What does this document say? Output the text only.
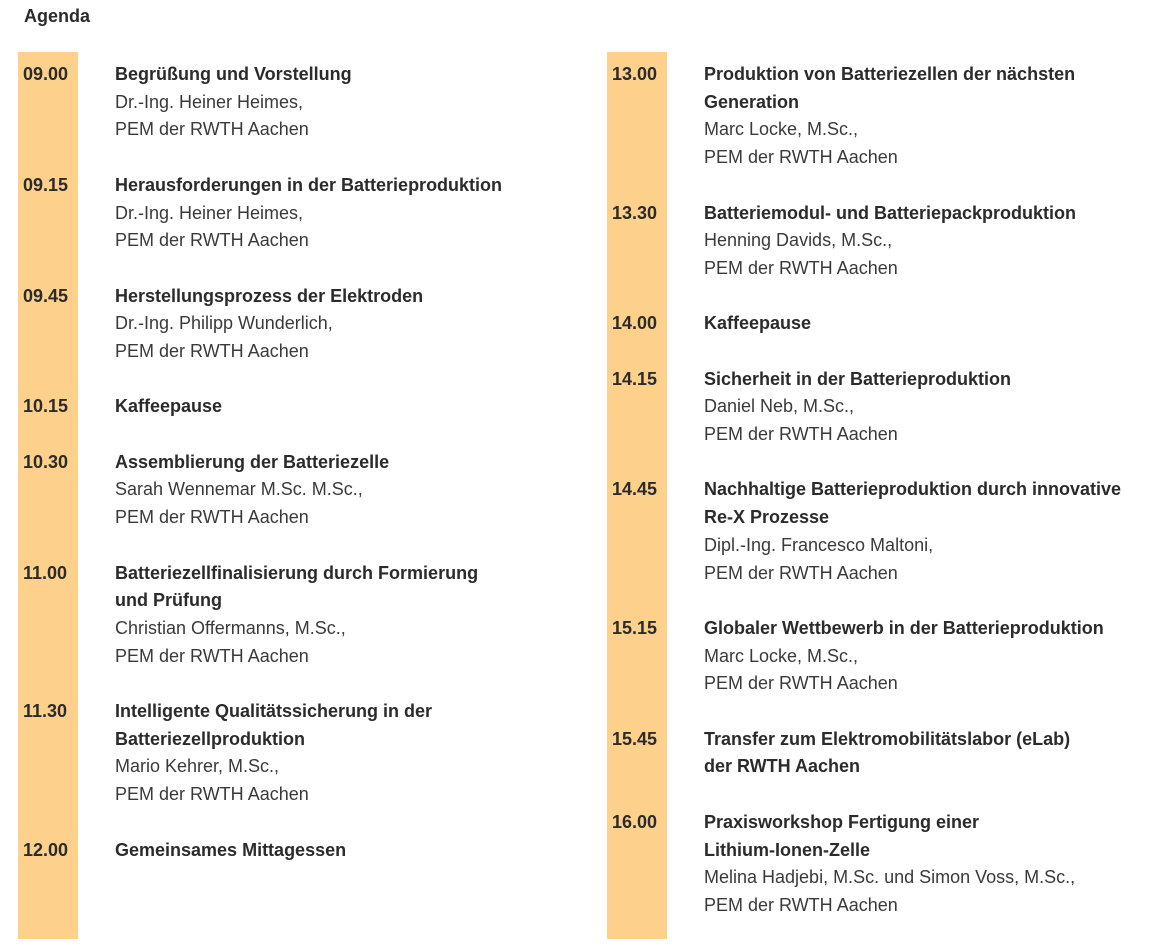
Agenda
09.00	Begrüßung und Vorstellung
Dr.-Ing. Heiner Heimes,
PEM der RWTH Aachen
09.15	Herausforderungen in der Batterieproduktion
Dr.-Ing. Heiner Heimes,
PEM der RWTH Aachen
09.45	Herstellungsprozess der Elektroden
Dr.-Ing. Philipp Wunderlich,
PEM der RWTH Aachen
10.15	Kaffeepause
10.30	Assemblierung der Batteriezelle
Sarah Wennemar M.Sc. M.Sc.,
PEM der RWTH Aachen
11.00	Batteriezellfinalisierung durch Formierung
und Prüfung
Christian Offermanns, M.Sc.,
PEM der RWTH Aachen
11.30	Intelligente Qualitätssicherung in der
Batteriezellproduktion
Mario Kehrer, M.Sc.,
PEM der RWTH Aachen
12.00	Gemeinsames Mittagessen
13.00	Produktion von Batteriezellen der nächsten
Generation
Marc Locke, M.Sc.,
PEM der RWTH Aachen
13.30	Batteriemodul- und Batteriepackproduktion
Henning Davids, M.Sc.,
PEM der RWTH Aachen
14.00	Kaffeepause
14.15	Sicherheit in der Batterieproduktion
Daniel Neb, M.Sc.,
PEM der RWTH Aachen
14.45	Nachhaltige Batterieproduktion durch innovative
Re-X Prozesse
Dipl.-Ing. Francesco Maltoni,
PEM der RWTH Aachen
15.15	Globaler Wettbewerb in der Batterieproduktion
Marc Locke, M.Sc.,
PEM der RWTH Aachen
15.45	Transfer zum Elektromobilitätslabor (eLab)
der RWTH Aachen
16.00	Praxisworkshop Fertigung einer
Lithium-Ionen-Zelle
Melina Hadjebi, M.Sc. und Simon Voss, M.Sc.,
PEM der RWTH Aachen
